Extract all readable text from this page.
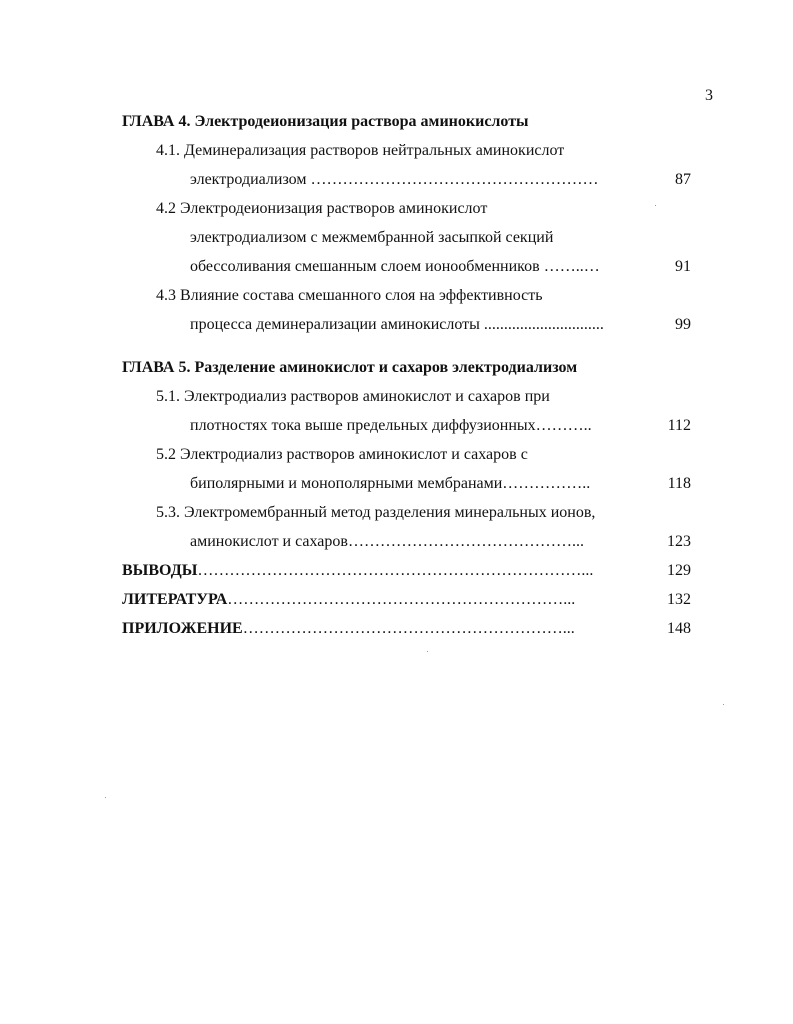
3
ГЛАВА 4. Электродеионизация раствора аминокислоты
4.1. Деминерализация растворов нейтральных аминокислот
электродиализом ………………………………………………	87
4.2 Электродеионизация растворов аминокислот
электродиализом с межмембранной засыпкой секций
обессоливания смешанным слоем ионообменников ……..…	91
4.3 Влияние состава смешанного слоя на эффективность
процесса деминерализации аминокислоты ..............................	99
ГЛАВА 5. Разделение аминокислот и сахаров электродиализом
5.1. Электродиализ растворов аминокислот и сахаров при
плотностях тока выше предельных диффузионных………..	112
5.2 Электродиализ растворов аминокислот и сахаров с
биполярными и монополярными мембранами……………..	118
5.3. Электромембранный метод разделения минеральных ионов,
аминокислот и сахаров……………………………………...	123
ВЫВОДЫ………………………………………………………………...	129
ЛИТЕРАТУРА………………………………………………………...	132
ПРИЛОЖЕНИЕ……………………………………………………...	148
